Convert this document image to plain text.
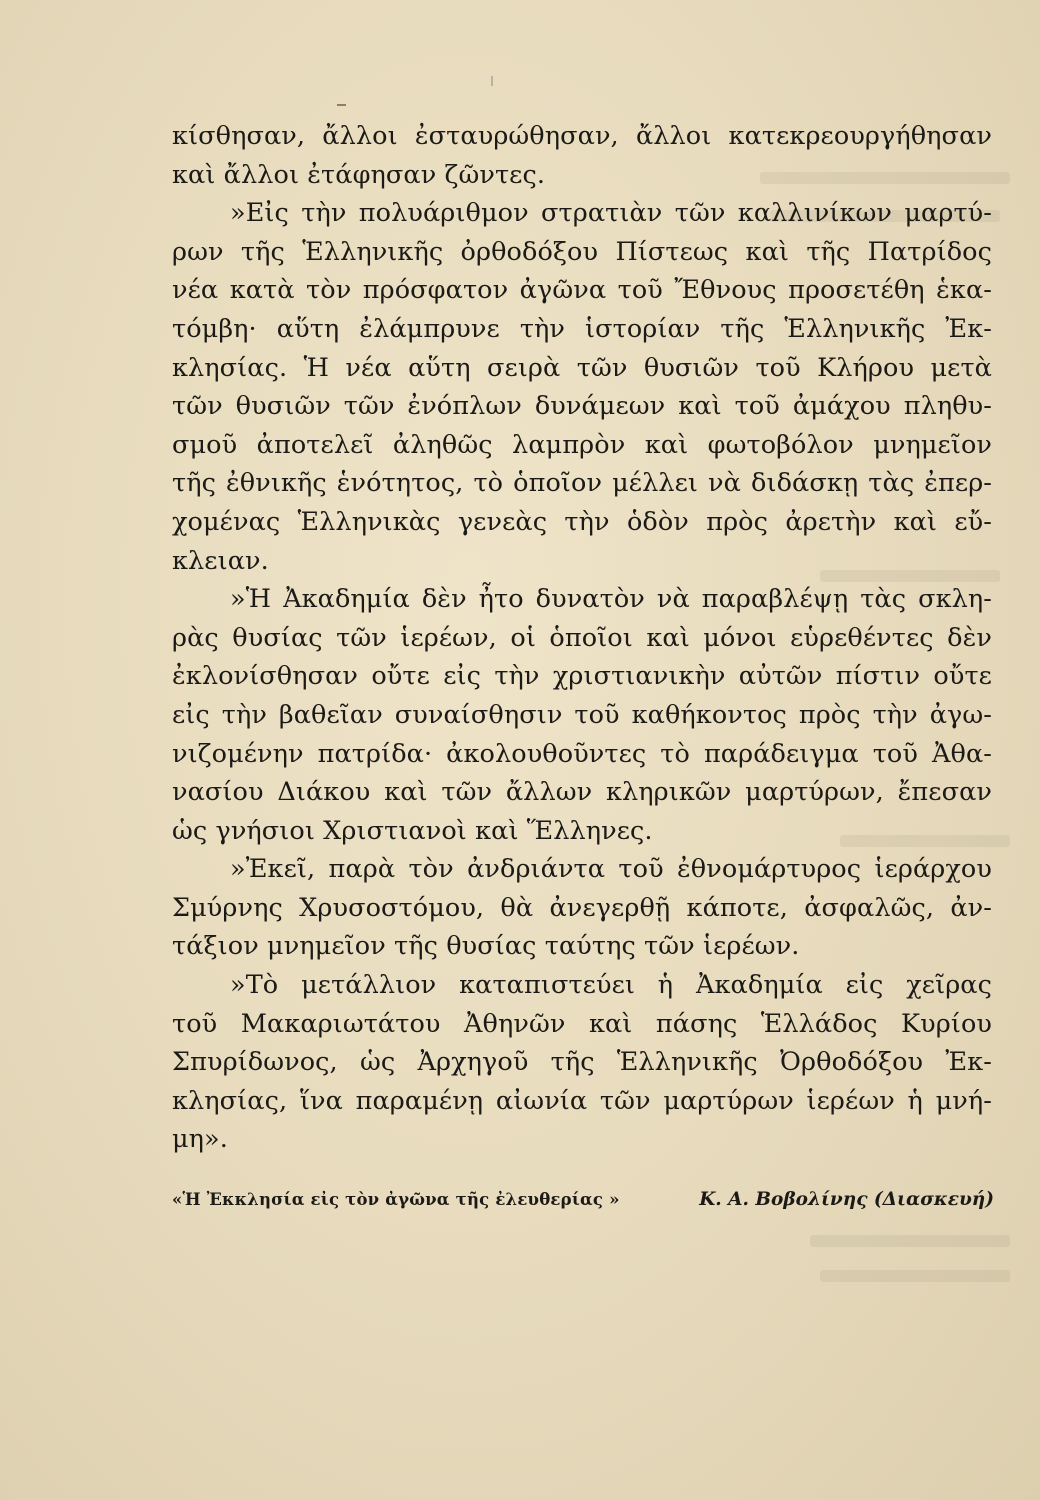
κίσθησαν, ἄλλοι ἐσταυρώθησαν, ἄλλοι κατεκρεουργήθησαν
καὶ ἄλλοι ἐτάφησαν ζῶντες.
»Εἰς τὴν πολυάριθμον στρατιὰν τῶν καλλινίκων μαρτύ-
ρων τῆς Ἑλληνικῆς ὀρθοδόξου Πίστεως καὶ τῆς Πατρίδος
νέα κατὰ τὸν πρόσφατον ἀγῶνα τοῦ Ἔθνους προσετέθη ἑκα-
τόμβη· αὕτη ἐλάμπρυνε τὴν ἱστορίαν τῆς Ἑλληνικῆς Ἐκ-
κλησίας. Ἡ νέα αὕτη σειρὰ τῶν θυσιῶν τοῦ Κλήρου μετὰ
τῶν θυσιῶν τῶν ἐνόπλων δυνάμεων καὶ τοῦ ἀμάχου πληθυ-
σμοῦ ἀποτελεῖ ἀληθῶς λαμπρὸν καὶ φωτοβόλον μνημεῖον
τῆς ἐθνικῆς ἑνότητος, τὸ ὁποῖον μέλλει νὰ διδάσκῃ τὰς ἐπερ-
χομένας Ἑλληνικὰς γενεὰς τὴν ὁδὸν πρὸς ἀρετὴν καὶ εὔ-
κλειαν.
»Ἡ Ἀκαδημία δὲν ἦτο δυνατὸν νὰ παραβλέψῃ τὰς σκλη-
ρὰς θυσίας τῶν ἱερέων, οἱ ὁποῖοι καὶ μόνοι εὑρεθέντες δὲν
ἐκλονίσθησαν οὔτε εἰς τὴν χριστιανικὴν αὐτῶν πίστιν οὔτε
εἰς τὴν βαθεῖαν συναίσθησιν τοῦ καθήκοντος πρὸς τὴν ἀγω-
νιζομένην πατρίδα· ἀκολουθοῦντες τὸ παράδειγμα τοῦ Ἀθα-
νασίου Διάκου καὶ τῶν ἄλλων κληρικῶν μαρτύρων, ἔπεσαν
ὡς γνήσιοι Χριστιανοὶ καὶ Ἕλληνες.
»Ἐκεῖ, παρὰ τὸν ἀνδριάντα τοῦ ἐθνομάρτυρος ἱεράρχου
Σμύρνης Χρυσοστόμου, θὰ ἀνεγερθῇ κάποτε, ἀσφαλῶς, ἀν-
τάξιον μνημεῖον τῆς θυσίας ταύτης τῶν ἱερέων.
»Τὸ μετάλλιον καταπιστεύει ἡ Ἀκαδημία εἰς χεῖρας
τοῦ Μακαριωτάτου Ἀθηνῶν καὶ πάσης Ἑλλάδος Κυρίου
Σπυρίδωνος, ὡς Ἀρχηγοῦ τῆς Ἑλληνικῆς Ὀρθοδόξου Ἐκ-
κλησίας, ἵνα παραμένῃ αἰωνία τῶν μαρτύρων ἱερέων ἡ μνή-
μη».
«Ἡ Ἐκκλησία εἰς τὸν ἀγῶνα τῆς ἐλευθερίας »	Κ. Α. Βοβολίνης (Διασκευή)
